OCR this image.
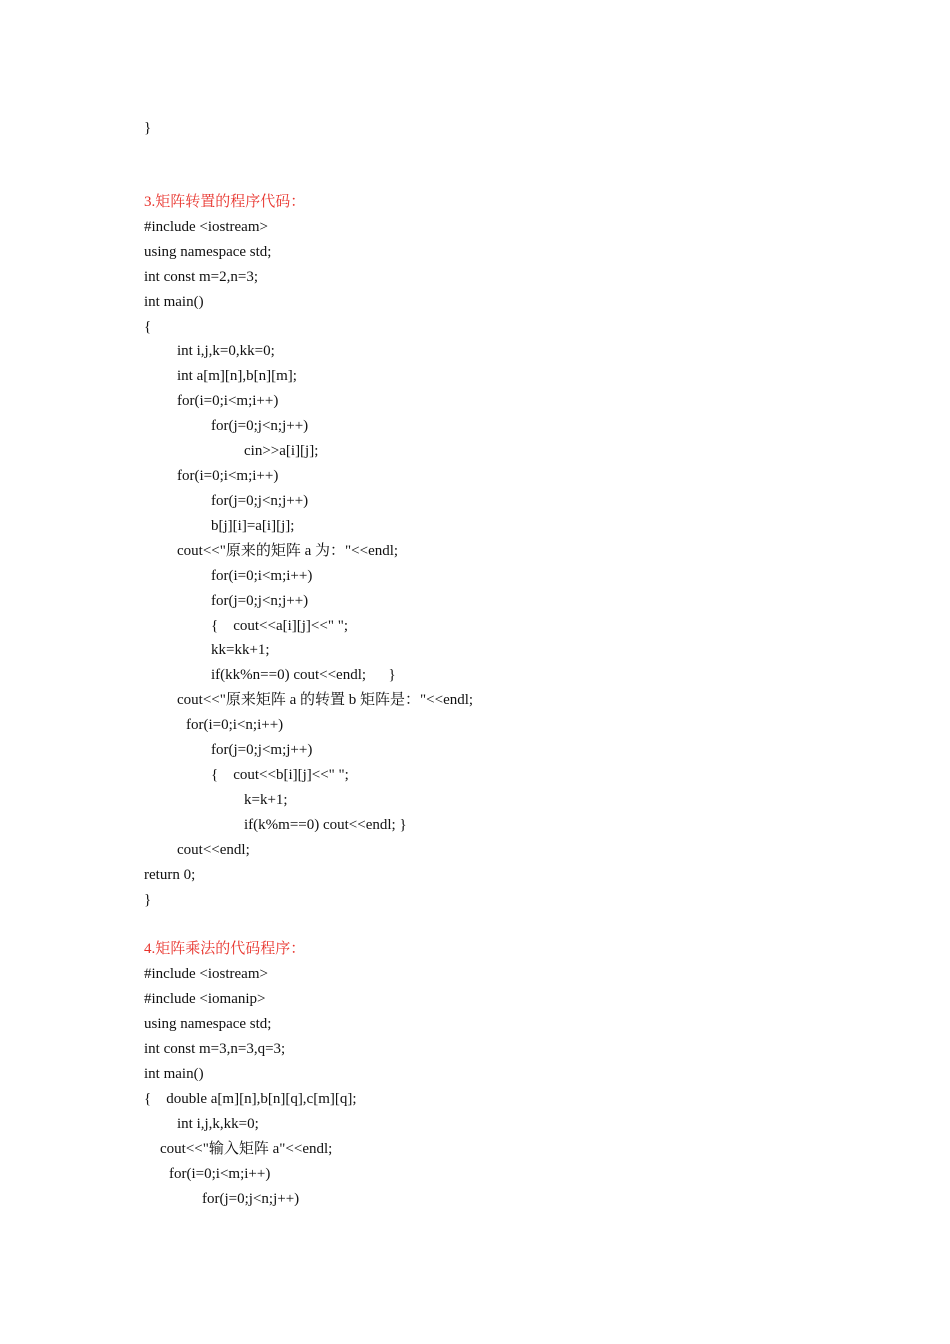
}
3.矩阵转置的程序代码：
#include <iostream>
using namespace std;
int const m=2,n=3;
int main()
{
int i,j,k=0,kk=0;
int a[m][n],b[n][m];
for(i=0;i<m;i++)
for(j=0;j<n;j++)
cin>>a[i][j];
for(i=0;i<m;i++)
for(j=0;j<n;j++)
b[j][i]=a[i][j];
cout<<"原来的矩阵 a 为："<<endl;
for(i=0;i<m;i++)
for(j=0;j<n;j++)
{    cout<<a[i][j]<<" ";
kk=kk+1;
if(kk%n==0) cout<<endl;      }
cout<<"原来矩阵 a 的转置 b 矩阵是："<<endl;
for(i=0;i<n;i++)
for(j=0;j<m;j++)
{    cout<<b[i][j]<<" ";
k=k+1;
if(k%m==0) cout<<endl; }
cout<<endl;
return 0;
}
4.矩阵乘法的代码程序：
#include <iostream>
#include <iomanip>
using namespace std;
int const m=3,n=3,q=3;
int main()
{    double a[m][n],b[n][q],c[m][q];
int i,j,k,kk=0;
cout<<"输入矩阵 a"<<endl;
for(i=0;i<m;i++)
for(j=0;j<n;j++)
